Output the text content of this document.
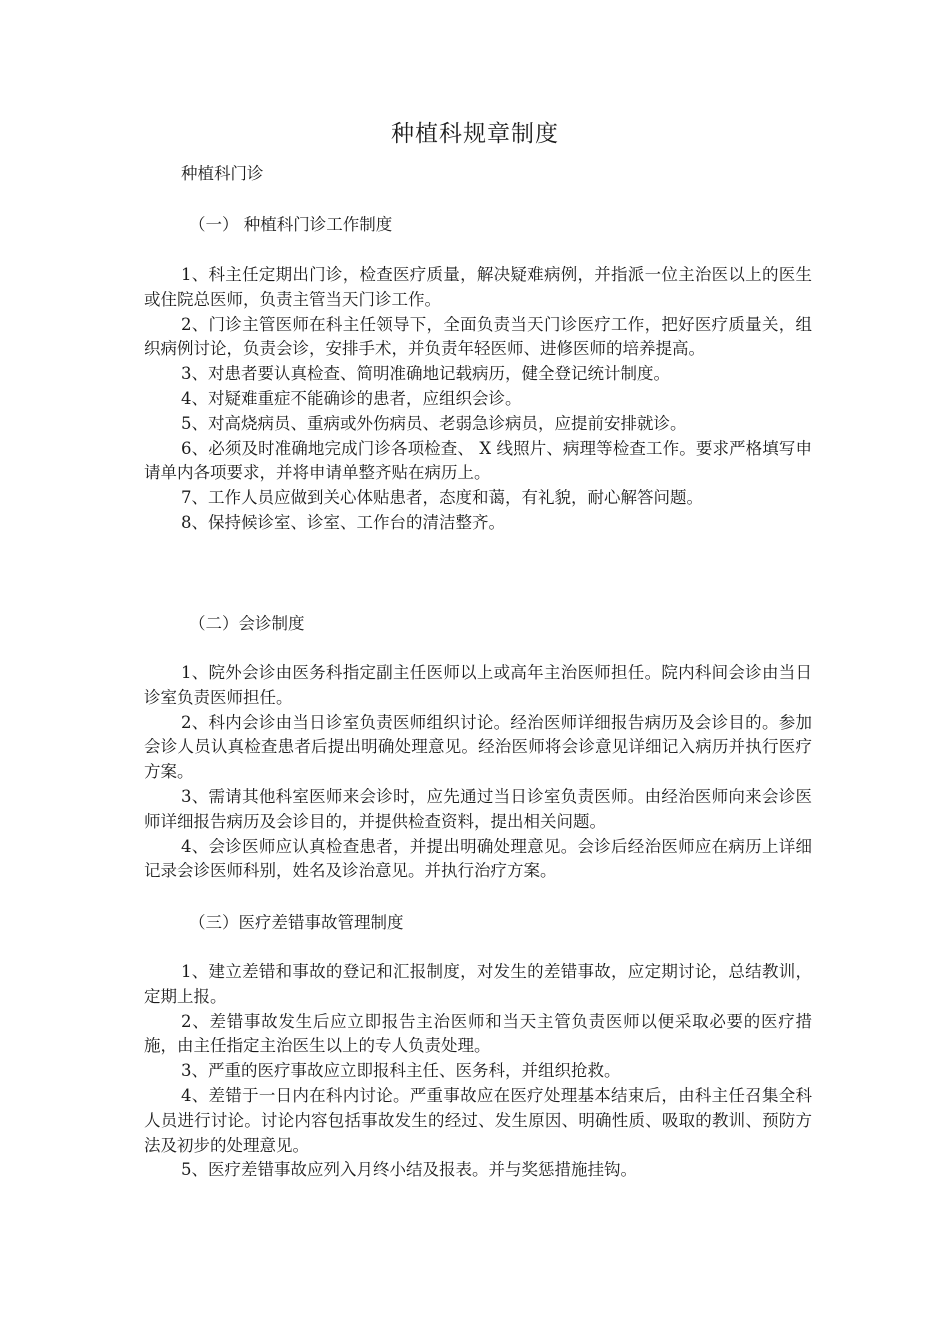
种植科规章制度
种植科门诊
（一） 种植科门诊工作制度

1、科主任定期出门诊，检查医疗质量，解决疑难病例，并指派一位主治医以上的医生或住院总医师，负责主管当天门诊工作。

2、门诊主管医师在科主任领导下，全面负责当天门诊医疗工作，把好医疗质量关，组织病例讨论，负责会诊，安排手术，并负责年轻医师、进修医师的培养提高。

3、对患者要认真检查、简明准确地记载病历，健全登记统计制度。

4、对疑难重症不能确诊的患者，应组织会诊。

5、对高烧病员、重病或外伤病员、老弱急诊病员，应提前安排就诊。

6、必须及时准确地完成门诊各项检查、 X 线照片、病理等检查工作。要求严格填写申请单内各项要求，并将申请单整齐贴在病历上。

7、工作人员应做到关心体贴患者，态度和蔼，有礼貌，耐心解答问题。

8、保持候诊室、诊室、工作台的清洁整齐。

（二）会诊制度

1、院外会诊由医务科指定副主任医师以上或高年主治医师担任。院内科间会诊由当日诊室负责医师担任。

2、科内会诊由当日诊室负责医师组织讨论。经治医师详细报告病历及会诊目的。参加会诊人员认真检查患者后提出明确处理意见。经治医师将会诊意见详细记入病历并执行医疗方案。

3、需请其他科室医师来会诊时，应先通过当日诊室负责医师。由经治医师向来会诊医师详细报告病历及会诊目的，并提供检查资料，提出相关问题。

4、会诊医师应认真检查患者，并提出明确处理意见。会诊后经治医师应在病历上详细记录会诊医师科别，姓名及诊治意见。并执行治疗方案。

（三）医疗差错事故管理制度

1、建立差错和事故的登记和汇报制度，对发生的差错事故，应定期讨论，总结教训，定期上报。

2、差错事故发生后应立即报告主治医师和当天主管负责医师以便采取必要的医疗措施，由主任指定主治医生以上的专人负责处理。

3、严重的医疗事故应立即报科主任、医务科，并组织抢救。

4、差错于一日内在科内讨论。严重事故应在医疗处理基本结束后，由科主任召集全科人员进行讨论。讨论内容包括事故发生的经过、发生原因、明确性质、吸取的教训、预防方法及初步的处理意见。

5、医疗差错事故应列入月终小结及报表。并与奖惩措施挂钩。
